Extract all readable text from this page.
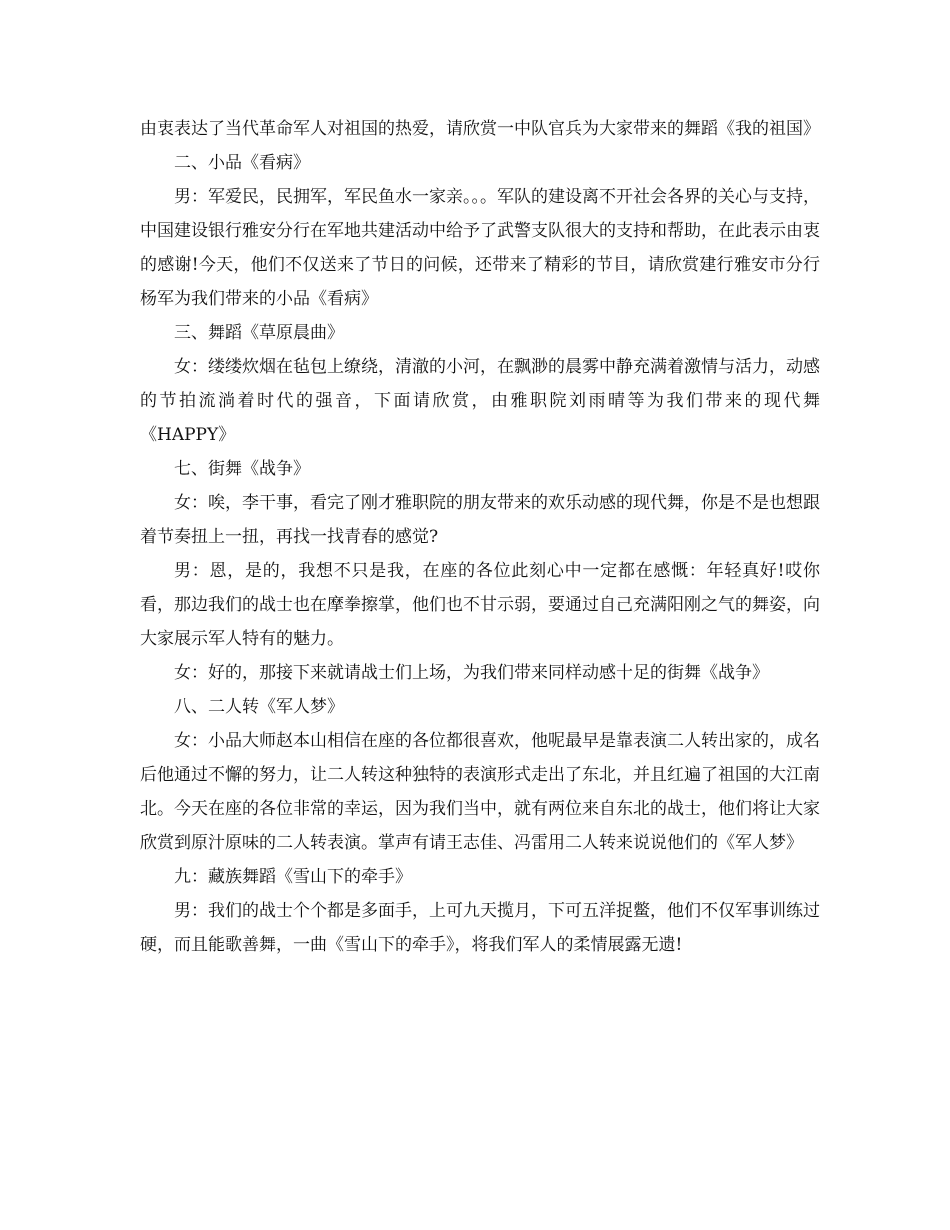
由衷表达了当代革命军人对祖国的热爱，请欣赏一中队官兵为大家带来的舞蹈《我的祖国》

二、小品《看病》

男：军爱民，民拥军，军民鱼水一家亲。。。军队的建设离不开社会各界的关心与支持，中国建设银行雅安分行在军地共建活动中给予了武警支队很大的支持和帮助，在此表示由衷的感谢!今天，他们不仅送来了节日的问候，还带来了精彩的节目，请欣赏建行雅安市分行杨军为我们带来的小品《看病》

三、舞蹈《草原晨曲》

女：缕缕炊烟在毡包上缭绕，清澈的小河，在飘渺的晨雾中静充满着激情与活力，动感的节拍流淌着时代的强音，下面请欣赏，由雅职院刘雨晴等为我们带来的现代舞《HAPPY》

七、街舞《战争》

女：唉，李干事，看完了刚才雅职院的朋友带来的欢乐动感的现代舞，你是不是也想跟着节奏扭上一扭，再找一找青春的感觉?

男：恩，是的，我想不只是我，在座的各位此刻心中一定都在感慨：年轻真好!哎你看，那边我们的战士也在摩拳擦掌，他们也不甘示弱，要通过自己充满阳刚之气的舞姿，向大家展示军人特有的魅力。

女：好的，那接下来就请战士们上场，为我们带来同样动感十足的街舞《战争》

八、二人转《军人梦》

女：小品大师赵本山相信在座的各位都很喜欢，他呢最早是靠表演二人转出家的，成名后他通过不懈的努力，让二人转这种独特的表演形式走出了东北，并且红遍了祖国的大江南北。今天在座的各位非常的幸运，因为我们当中，就有两位来自东北的战士，他们将让大家欣赏到原汁原味的二人转表演。掌声有请王志佳、冯雷用二人转来说说他们的《军人梦》

九：藏族舞蹈《雪山下的牵手》

男：我们的战士个个都是多面手，上可九天揽月，下可五洋捉鳖，他们不仅军事训练过硬，而且能歌善舞，一曲《雪山下的牵手》，将我们军人的柔情展露无遗!
